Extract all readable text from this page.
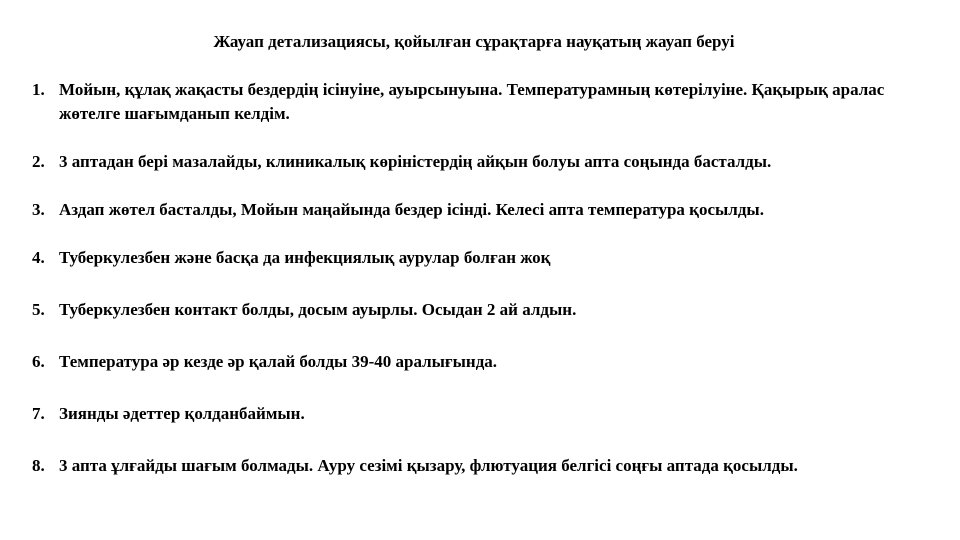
Жауап детализациясы, қойылған сұрақтарға науқатың жауап беруі
1. Мойын, құлақ жақасты бездердің ісінуіне, ауырсынуына. Температурамның көтерілуіне. Қақырық аралас жөтелге шағымданып келдім.
2. 3 аптадан бері мазалайды, клиникалық көріністердің айқын болуы апта соңында басталды.
3. Аздап жөтел басталды, Мойын маңайында бездер ісінді. Келесі апта температура қосылды.
4. Туберкулезбен және басқа да инфекциялық аурулар болған жоқ
5. Туберкулезбен контакт болды, досым ауырлы. Осыдан 2 ай алдын.
6. Температура әр кезде әр қалай болды 39-40 аралығында.
7. Зиянды әдеттер қолданбаймын.
8. 3 апта ұлғайды шағым болмады. Ауру сезімі қызару, флютуация белгісі соңғы аптада қосылды.
